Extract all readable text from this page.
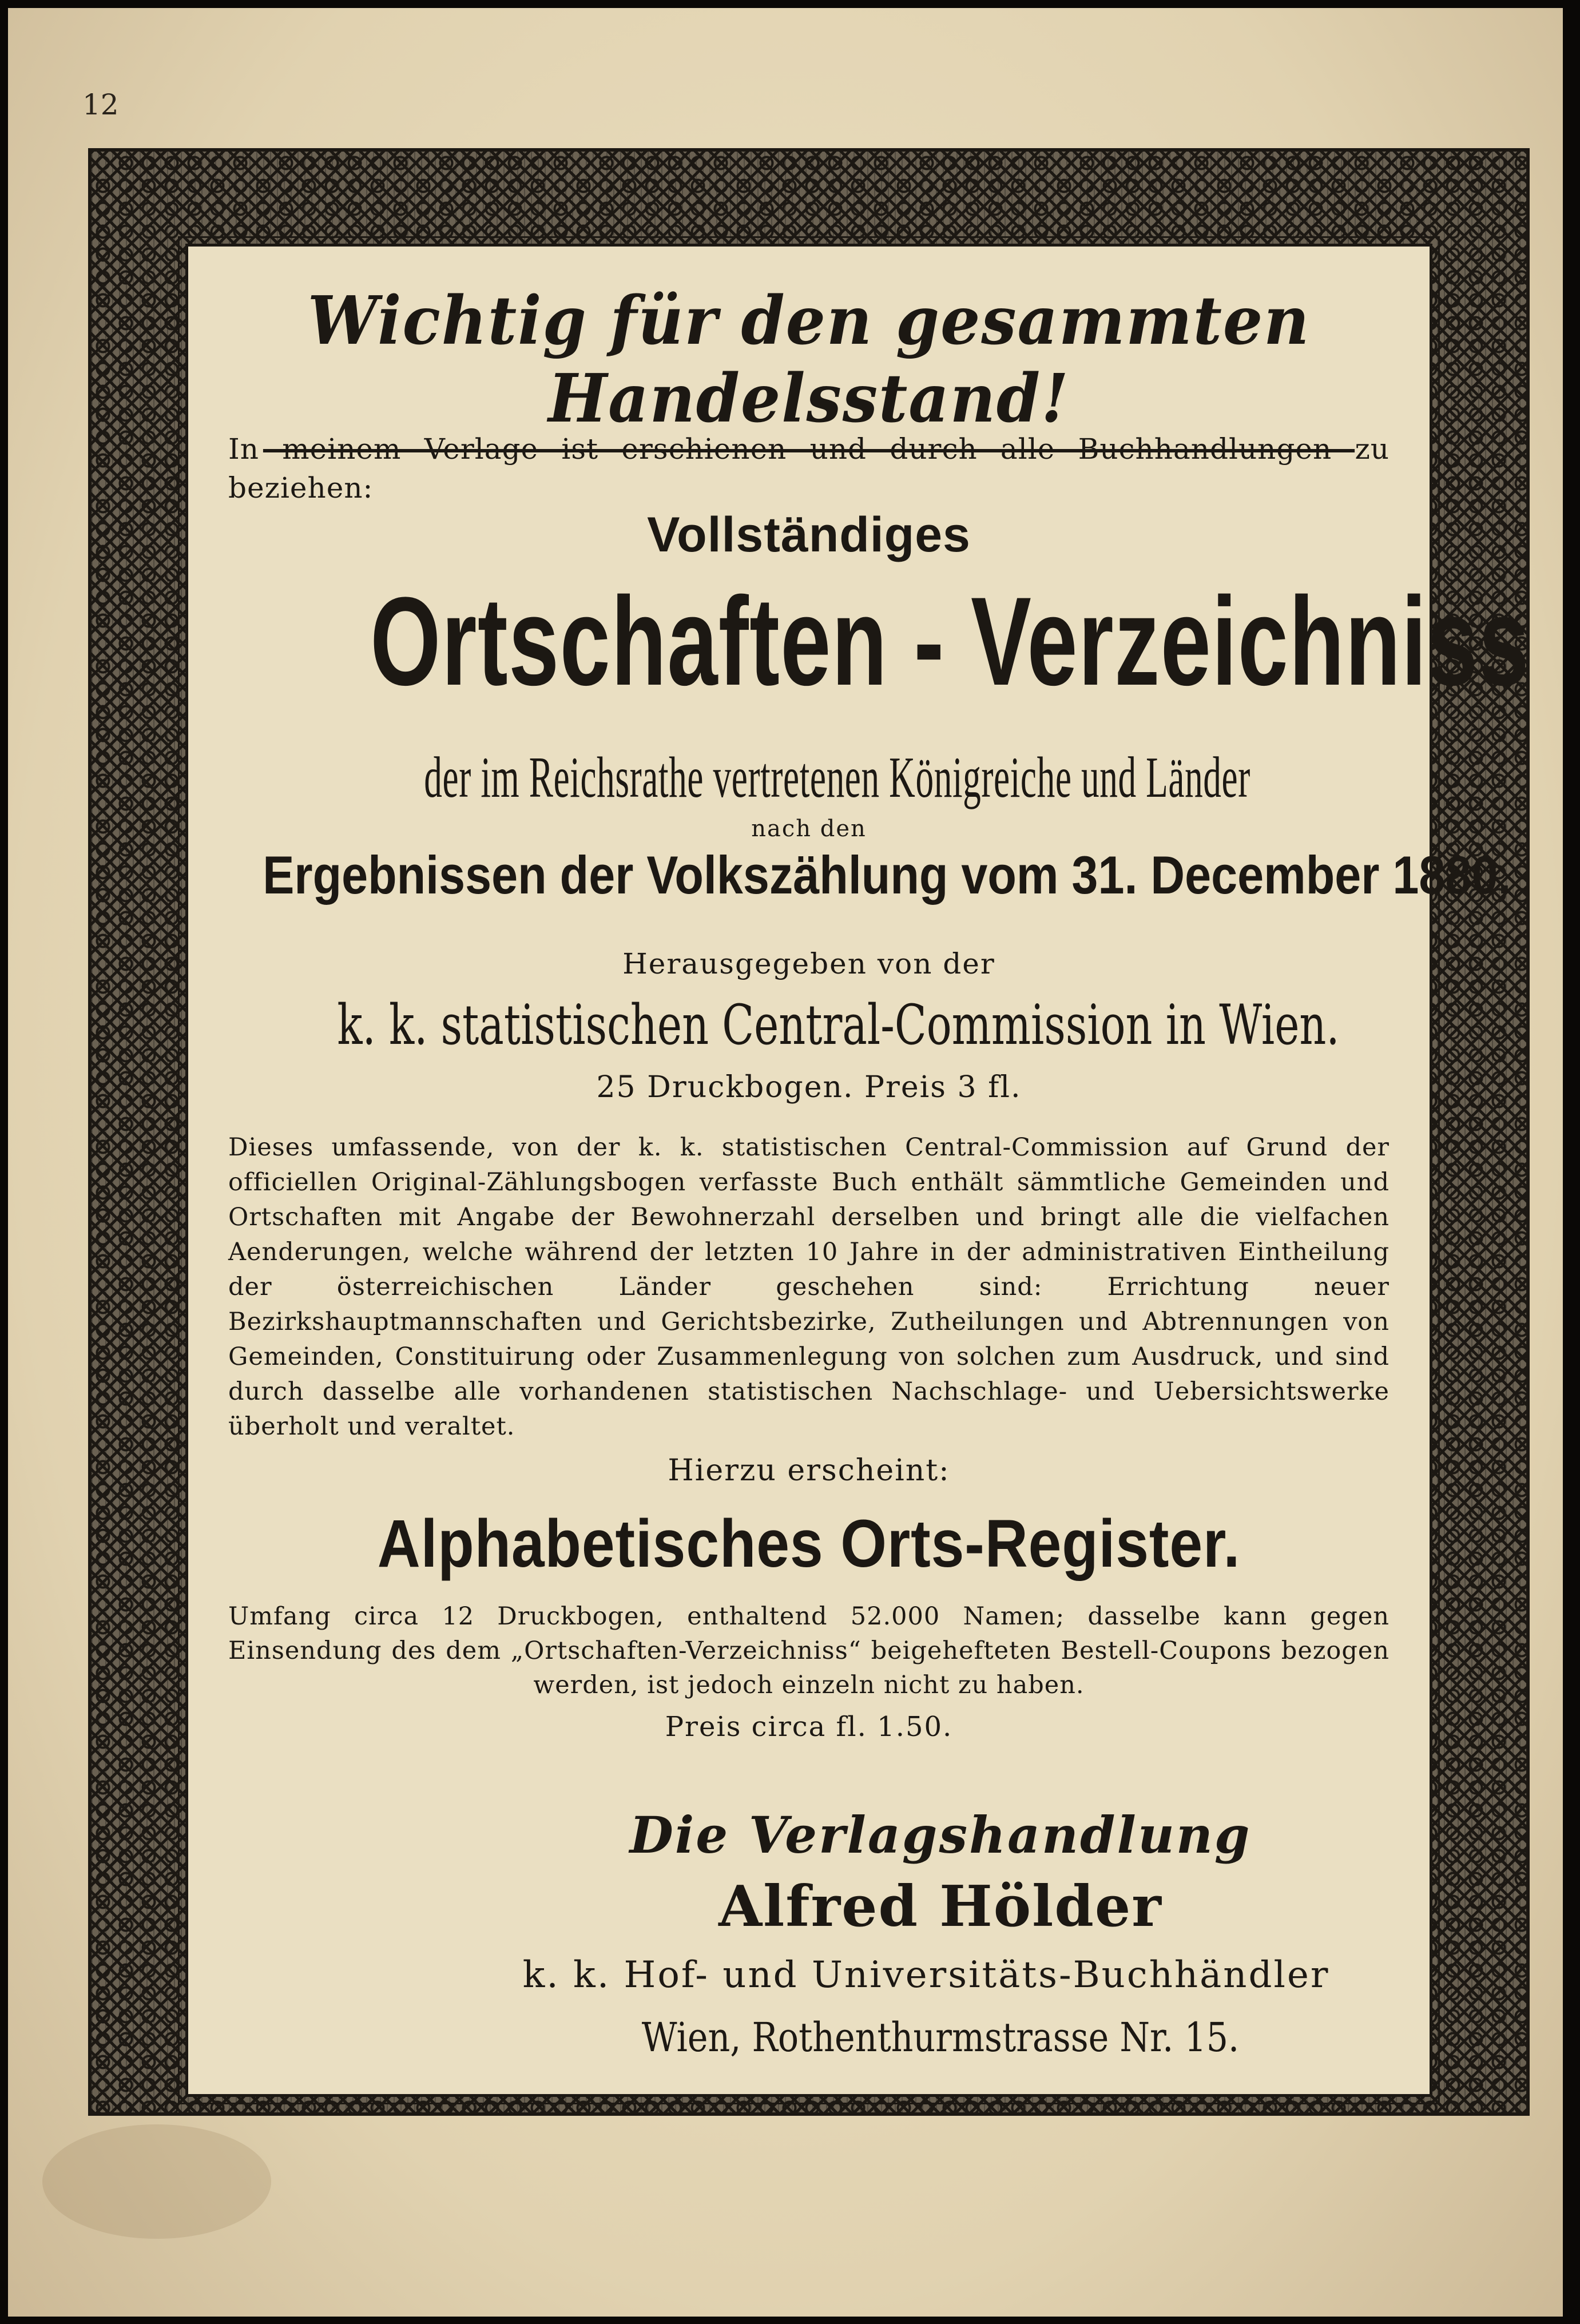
12
Wichtig für den gesammten Handelsstand!
In meinem Verlage ist erschienen und durch alle Buchhandlungen zu beziehen:
Vollständiges
Ortschaften - Verzeichniss
der im Reichsrathe vertretenen Königreiche und Länder
nach den
Ergebnissen der Volkszählung vom 31. December 1880.
Herausgegeben von der
k. k. statistischen Central-Commission in Wien.
25 Druckbogen. Preis 3 fl.
Dieses umfassende, von der k. k. statistischen Central-Commission auf Grund der officiellen Original-Zählungsbogen verfasste Buch enthält sämmtliche Gemeinden und Ortschaften mit Angabe der Bewohnerzahl derselben und bringt alle die vielfachen Aenderungen, welche während der letzten 10 Jahre in der administrativen Eintheilung der österreichischen Länder geschehen sind: Errichtung neuer Bezirkshauptmannschaften und Gerichtsbezirke, Zutheilungen und Abtrennungen von Gemeinden, Constituirung oder Zusammenlegung von solchen zum Ausdruck, und sind durch dasselbe alle vorhandenen statistischen Nachschlage- und Uebersichtswerke überholt und veraltet.
Hierzu erscheint:
Alphabetisches Orts-Register.
Umfang circa 12 Druckbogen, enthaltend 52.000 Namen; dasselbe kann gegen Einsendung des dem „Ortschaften-Verzeichniss“ beigehefteten Bestell-Coupons bezogen werden, ist jedoch einzeln nicht zu haben.
Preis circa fl. 1.50.
Die Verlagshandlung
Alfred Hölder
k. k. Hof- und Universitäts-Buchhändler
Wien, Rothenthurmstrasse Nr. 15.
